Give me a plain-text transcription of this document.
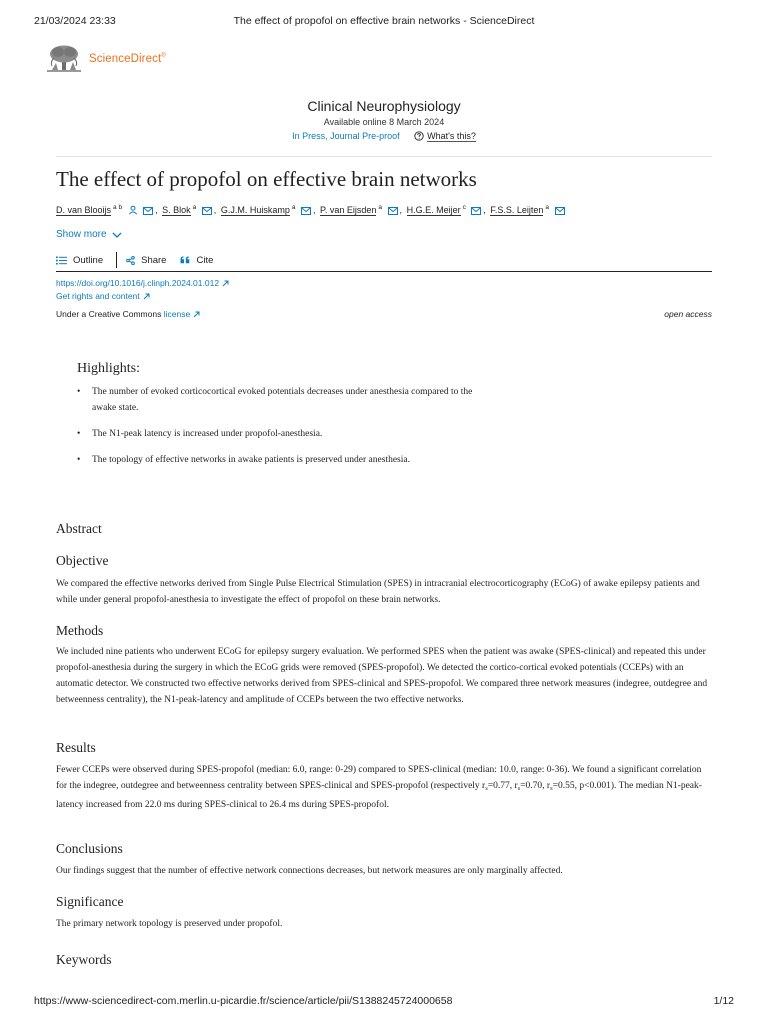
21/03/2024 23:33	The effect of propofol on effective brain networks - ScienceDirect
ScienceDirect®
Clinical Neurophysiology
Available online 8 March 2024
In Press, Journal Pre-proof	What's this?
The effect of propofol on effective brain networks
D. van Blooijs $^{a b}$	, S. Blok $^a$ , G.J.M. Huiskamp $^a$ , P. van Eijsden $^a$ , H.G.E. Meijer $^c$ , F.S.S. Leijten $^a$
Show more
Outline	Share	Cite
https://doi.org/10.1016/j.clinph.2024.01.012
Get rights and content
Under a Creative Commons license	open access
Highlights:
• The number of evoked corticocortical evoked potentials decreases under anesthesia compared to the awake state.
• The N1-peak latency is increased under propofol-anesthesia.
• The topology of effective networks in awake patients is preserved under anesthesia.
Abstract
Objective

We compared the effective networks derived from Single Pulse Electrical Stimulation (SPES) in intracranial electrocorticography (ECoG) of awake epilepsy patients and while under general propofol-anesthesia to investigate the effect of propofol on these brain networks.

Methods

We included nine patients who underwent ECoG for epilepsy surgery evaluation. We performed SPES when the patient was awake (SPES-clinical) and repeated this under propofol-anesthesia during the surgery in which the ECoG grids were removed (SPES-propofol). We detected the cortico-cortical evoked potentials (CCEPs) with an automatic detector. We constructed two effective networks derived from SPES-clinical and SPES-propofol. We compared three network measures (indegree, outdegree and betweenness centrality), the N1-peak-latency and amplitude of CCEPs between the two effective networks.

Results

Fewer CCEPs were observed during SPES-propofol (median: 6.0, range: 0-29) compared to SPES-clinical (median: 10.0, range: 0-36). We found a significant correlation for the indegree, outdegree and betweenness centrality between SPES-clinical and SPES-propofol (respectively $r_s=0.77$, $r_s=0.70$, $r_s=0.55$, p<0.001). The median N1-peak-latency increased from 22.0 ms during SPES-clinical to 26.4 ms during SPES-propofol.

Conclusions

Our findings suggest that the number of effective network connections decreases, but network measures are only marginally affected.

Significance

The primary network topology is preserved under propofol.

Keywords
https://www-sciencedirect-com.merlin.u-picardie.fr/science/article/pii/S1388245724000658	1/12
